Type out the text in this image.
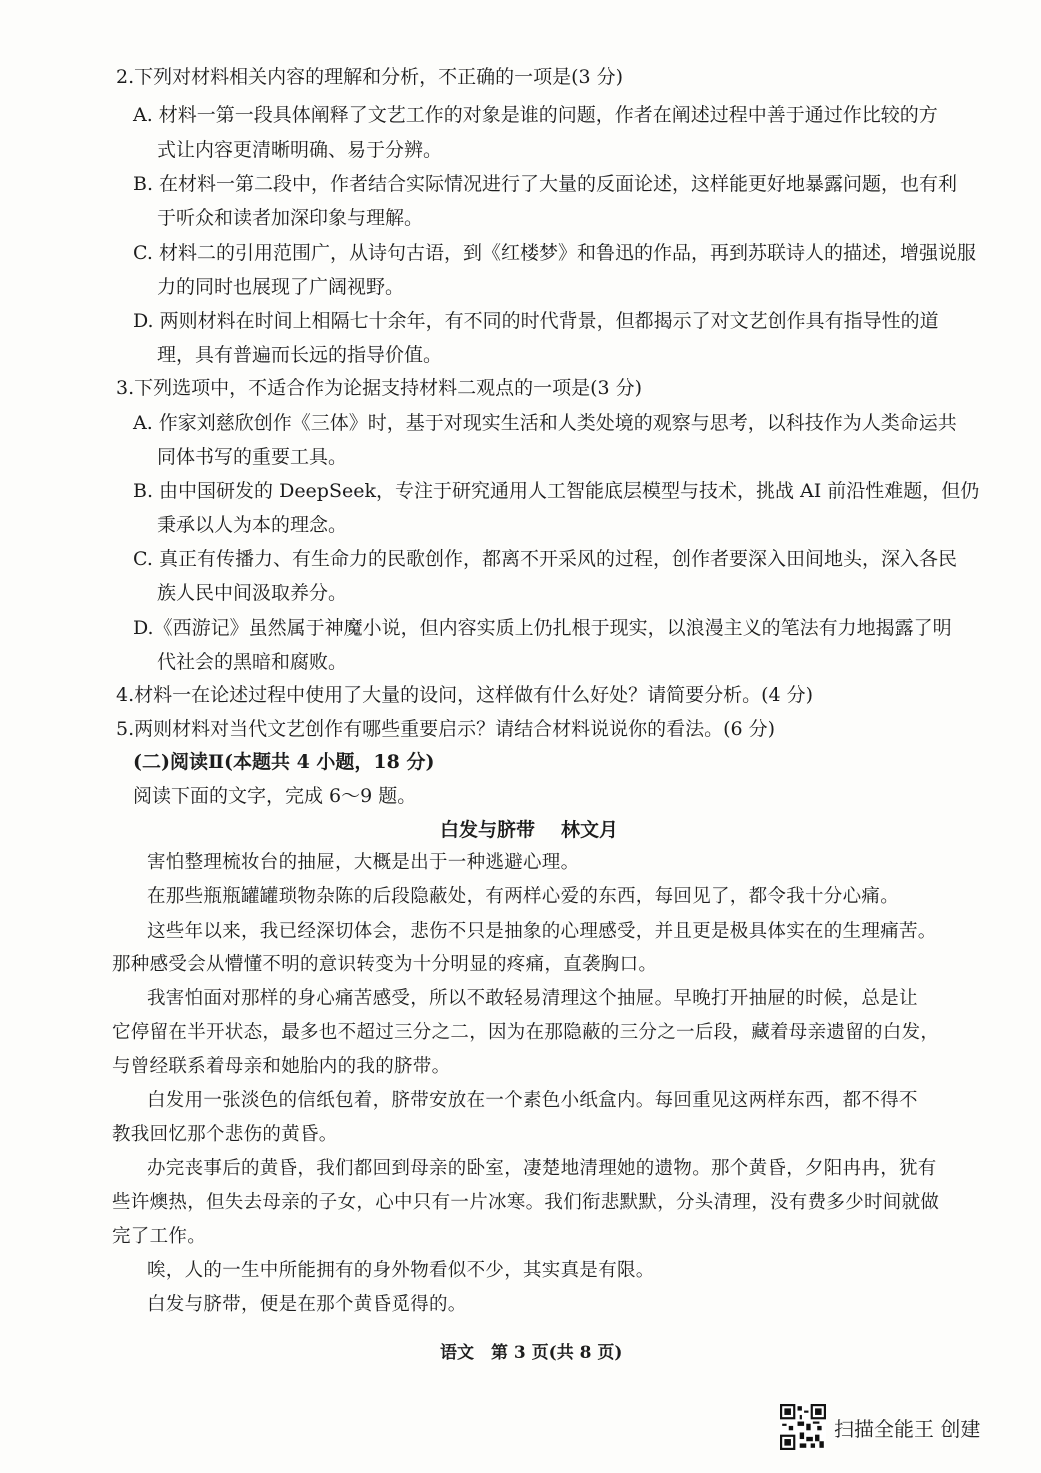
2.下列对材料相关内容的理解和分析，不正确的一项是(3 分)
A. 材料一第一段具体阐释了文艺工作的对象是谁的问题，作者在阐述过程中善于通过作比较的方
式让内容更清晰明确、易于分辨。
B. 在材料一第二段中，作者结合实际情况进行了大量的反面论述，这样能更好地暴露问题，也有利
于听众和读者加深印象与理解。
C. 材料二的引用范围广，从诗句古语，到《红楼梦》和鲁迅的作品，再到苏联诗人的描述，增强说服
力的同时也展现了广阔视野。
D. 两则材料在时间上相隔七十余年，有不同的时代背景，但都揭示了对文艺创作具有指导性的道
理，具有普遍而长远的指导价值。
3.下列选项中，不适合作为论据支持材料二观点的一项是(3 分)
A. 作家刘慈欣创作《三体》时，基于对现实生活和人类处境的观察与思考，以科技作为人类命运共
同体书写的重要工具。
B. 由中国研发的 DeepSeek，专注于研究通用人工智能底层模型与技术，挑战 AI 前沿性难题，但仍
秉承以人为本的理念。
C. 真正有传播力、有生命力的民歌创作，都离不开采风的过程，创作者要深入田间地头，深入各民
族人民中间汲取养分。
D.《西游记》虽然属于神魔小说，但内容实质上仍扎根于现实，以浪漫主义的笔法有力地揭露了明
代社会的黑暗和腐败。
4.材料一在论述过程中使用了大量的设问，这样做有什么好处？请简要分析。(4 分)
5.两则材料对当代文艺创作有哪些重要启示？请结合材料说说你的看法。(6 分)
(二)阅读Ⅱ(本题共 4 小题，18 分)
阅读下面的文字，完成 6～9 题。
白发与脐带 林文月
害怕整理梳妆台的抽屉，大概是出于一种逃避心理。
在那些瓶瓶罐罐琐物杂陈的后段隐蔽处，有两样心爱的东西，每回见了，都令我十分心痛。
这些年以来，我已经深切体会，悲伤不只是抽象的心理感受，并且更是极具体实在的生理痛苦。
那种感受会从懵懂不明的意识转变为十分明显的疼痛，直袭胸口。
我害怕面对那样的身心痛苦感受，所以不敢轻易清理这个抽屉。早晚打开抽屉的时候，总是让
它停留在半开状态，最多也不超过三分之二，因为在那隐蔽的三分之一后段，藏着母亲遗留的白发，
与曾经联系着母亲和她胎内的我的脐带。
白发用一张淡色的信纸包着，脐带安放在一个素色小纸盒内。每回重见这两样东西，都不得不
教我回忆那个悲伤的黄昏。
办完丧事后的黄昏，我们都回到母亲的卧室，凄楚地清理她的遗物。那个黄昏，夕阳冉冉，犹有
些许燠热，但失去母亲的子女，心中只有一片冰寒。我们衔悲默默，分头清理，没有费多少时间就做
完了工作。
唉，人的一生中所能拥有的身外物看似不少，其实真是有限。
白发与脐带，便是在那个黄昏觅得的。
语文　第 3 页(共 8 页)
扫描全能王 创建
